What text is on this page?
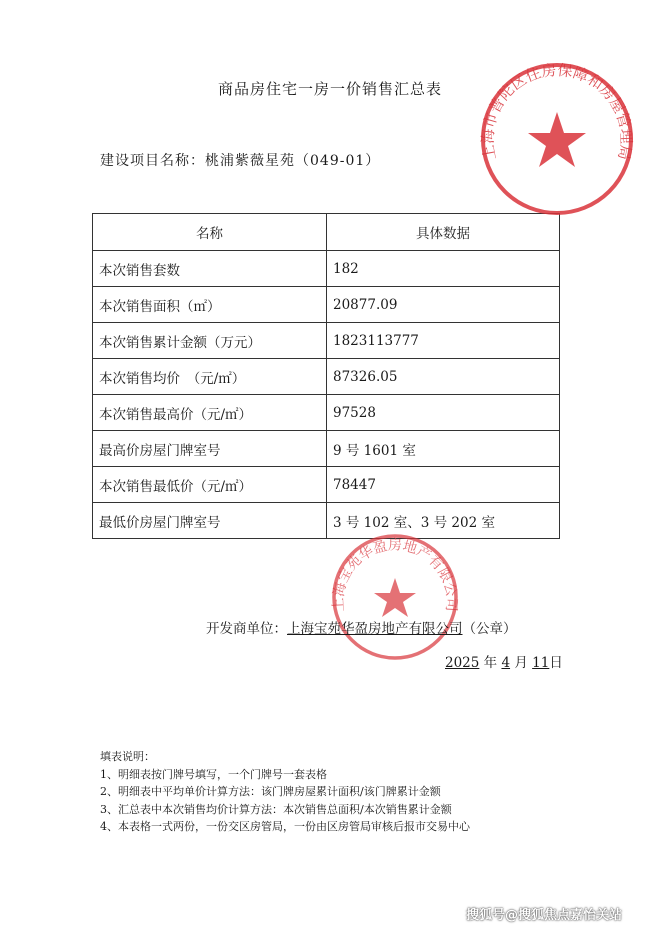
商品房住宅一房一价销售汇总表
建设项目名称：桃浦紫薇星苑（049-01）
名称	具体数据
本次销售套数	182
本次销售面积（㎡）	20877.09
本次销售累计金额（万元）	1823113777
本次销售均价　（元/㎡）	87326.05
本次销售最高价（元/㎡）	97528
最高价房屋门牌室号	9 号 1601 室
本次销售最低价（元/㎡）	78447
最低价房屋门牌室号	3 号 102 室、3 号 202 室
上海市普陀区住房保障和房屋管理局
上海宝苑华盈房地产有限公司
开发商单位：上海宝苑华盈房地产有限公司（公章）
2025 年 4 月 11日
填表说明：
1、明细表按门牌号填写，一个门牌号一套表格
2、明细表中平均单价计算方法：该门牌房屋累计面积/该门牌累计金额
3、汇总表中本次销售均价计算方法：本次销售总面积/本次销售累计金额
4、本表格一式两份，一份交区房管局，一份由区房管局审核后报市交易中心
搜狐号@搜狐焦点嘉怡关站
